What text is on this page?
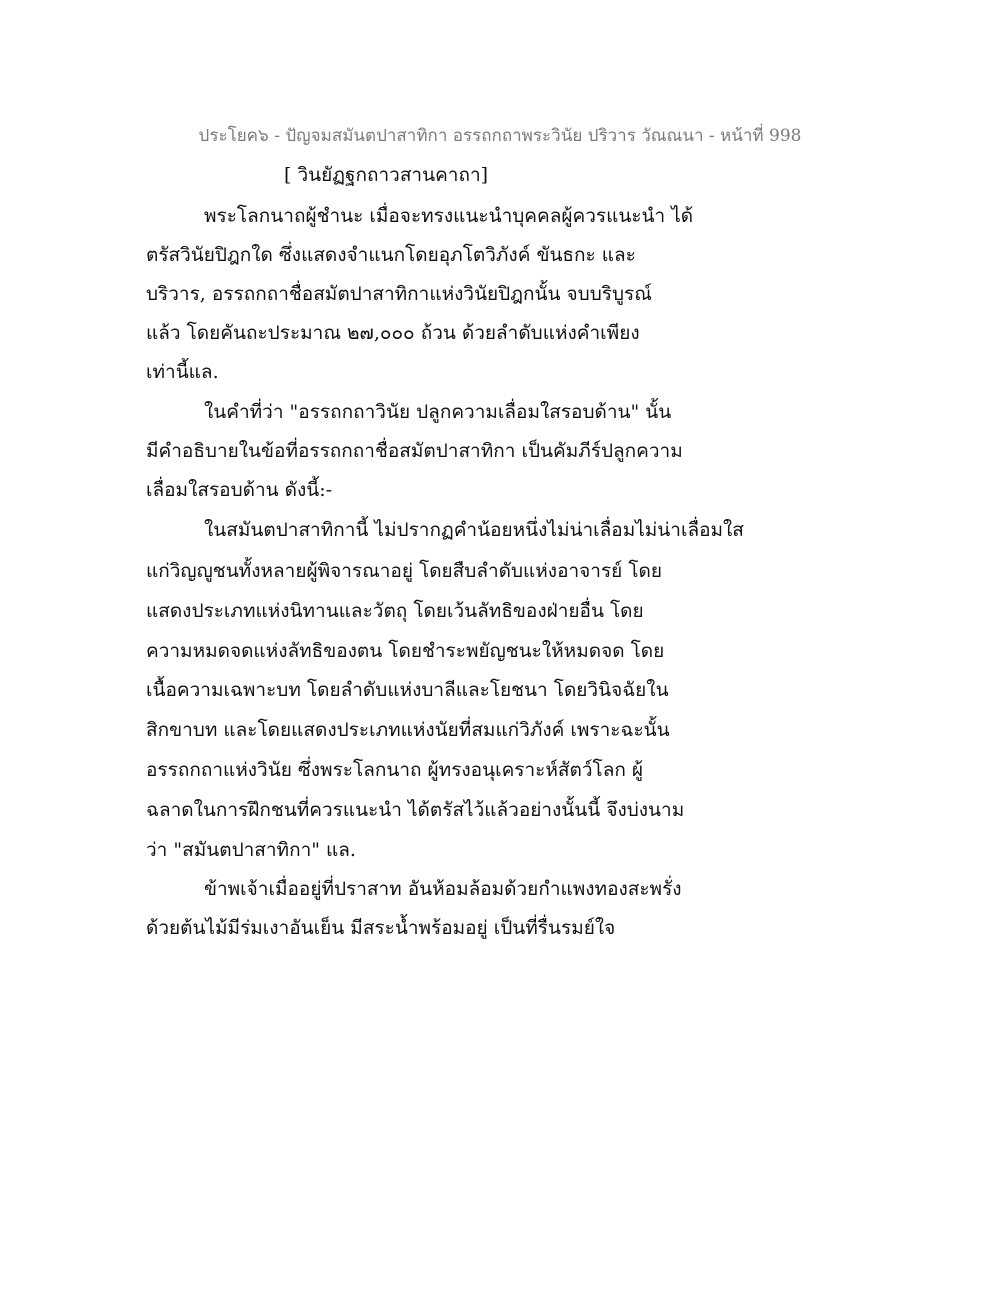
ประโยค๖ - ปัญจมสมันตปาสาทิกา อรรถกถาพระวินัย ปริวาร วัณณนา - หน้าที่ 998
[ วินยัฏฐกถาวสานคาถา]
พระโลกนาถผู้ชำนะ เมื่อจะทรงแนะนำบุคคลผู้ควรแนะนำ ได้
ตรัสวินัยปิฎกใด ซึ่งแสดงจำแนกโดยอุภโตวิภังค์ ขันธกะ และ
บริวาร, อรรถกถาชื่อสมัตปาสาทิกาแห่งวินัยปิฎกนั้น จบบริบูรณ์
แล้ว โดยคันถะประมาณ ๒๗,๐๐๐ ถ้วน ด้วยลำดับแห่งคำเพียง
เท่านี้แล.
ในคำที่ว่า "อรรถกถาวินัย ปลูกความเลื่อมใสรอบด้าน" นั้น
มีคำอธิบายในข้อที่อรรถกถาชื่อสมัตปาสาทิกา เป็นคัมภีร์ปลูกความ
เลื่อมใสรอบด้าน ดังนี้:-
ในสมันตปาสาทิกานี้ ไม่ปรากฏคำน้อยหนึ่งไม่น่าเลื่อมไม่น่าเลื่อมใส
แก่วิญญูชนทั้งหลายผู้พิจารณาอยู่ โดยสืบลำดับแห่งอาจารย์ โดย
แสดงประเภทแห่งนิทานและวัตถุ โดยเว้นลัทธิของฝ่ายอื่น โดย
ความหมดจดแห่งลัทธิของตน โดยชำระพยัญชนะให้หมดจด โดย
เนื้อความเฉพาะบท โดยลำดับแห่งบาลีและโยชนา โดยวินิจฉัยใน
สิกขาบท และโดยแสดงประเภทแห่งนัยที่สมแก่วิภังค์ เพราะฉะนั้น
อรรถกถาแห่งวินัย ซึ่งพระโลกนาถ ผู้ทรงอนุเคราะห์สัตว์โลก ผู้
ฉลาดในการฝึกชนที่ควรแนะนำ ได้ตรัสไว้แล้วอย่างนั้นนี้ จึงบ่งนาม
ว่า "สมันตปาสาทิกา" แล.
ข้าพเจ้าเมื่ออยู่ที่ปราสาท อันห้อมล้อมด้วยกำแพงทองสะพรั่ง
ด้วยต้นไม้มีร่มเงาอันเย็น มีสระน้ำพร้อมอยู่ เป็นที่รื่นรมย์ใจ
